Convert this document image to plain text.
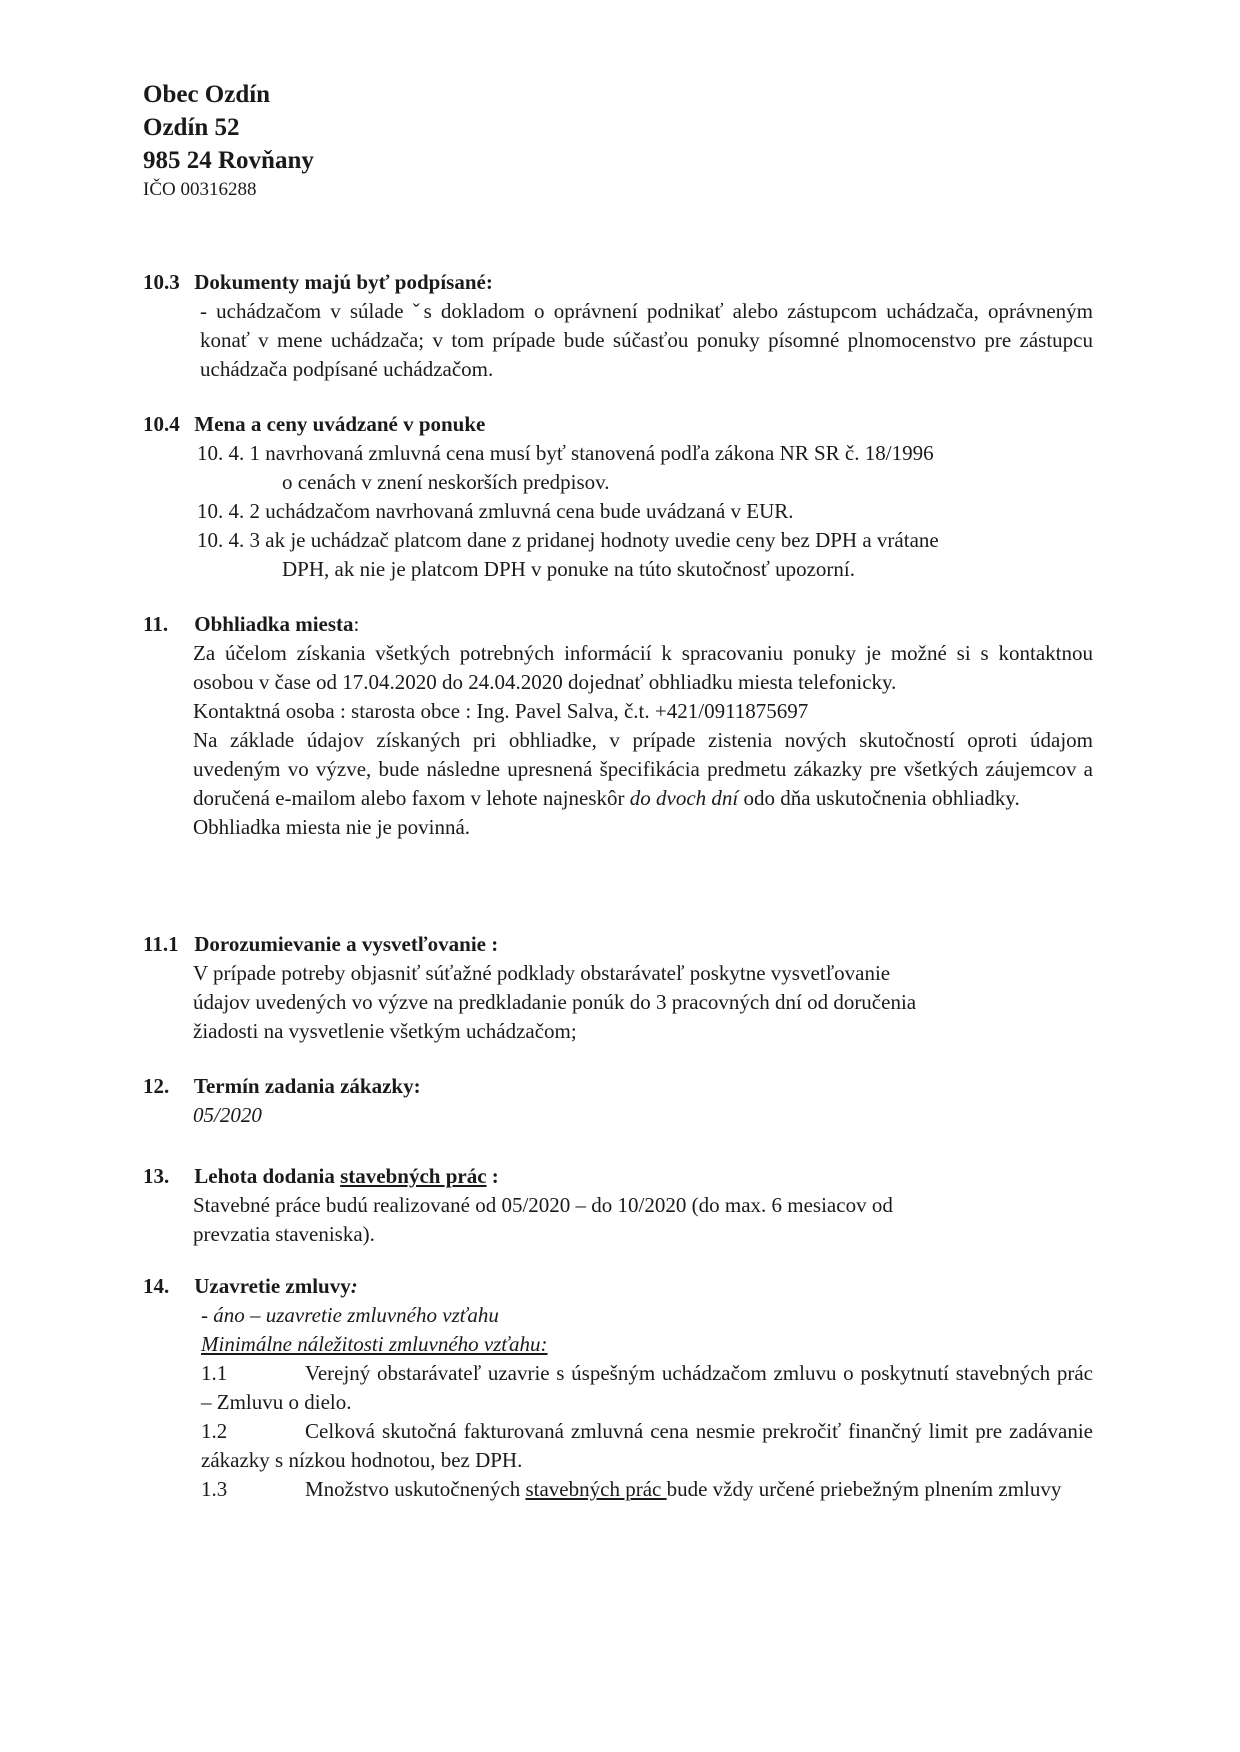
Obec Ozdín
Ozdín 52
985 24 Rovňany
IČO 00316288
10.3 Dokumenty majú byť podpísané:
- uchádzačom v súlade ˇs dokladom o oprávnení podnikať alebo zástupcom uchádzača, oprávneným konať v mene uchádzača; v tom prípade bude súčasťou ponuky písomné plnomocenstvo pre zástupcu uchádzača podpísané uchádzačom.
10.4 Mena a ceny uvádzané v ponuke
10. 4. 1 navrhovaná zmluvná cena musí byť stanovená podľa zákona NR SR č. 18/1996
o cenách v znení neskorších predpisov.
10. 4. 2 uchádzačom navrhovaná zmluvná cena bude uvádzaná v EUR.
10. 4. 3 ak je uchádzač platcom dane z pridanej hodnoty uvedie ceny bez DPH a vrátane
DPH, ak nie je platcom DPH v ponuke na túto skutočnosť upozorní.
11. Obhliadka miesta:
Za účelom získania všetkých potrebných informácií k spracovaniu ponuky je možné si s kontaktnou osobou v čase od 17.04.2020 do 24.04.2020 dojednať obhliadku miesta telefonicky.
Kontaktná osoba : starosta obce : Ing. Pavel Salva, č.t. +421/0911875697
Na základe údajov získaných pri obhliadke, v prípade zistenia nových skutočností oproti údajom uvedeným vo výzve, bude následne upresnená špecifikácia predmetu zákazky pre všetkých záujemcov a doručená e-mailom alebo faxom v lehote najneskôr do dvoch dní odo dňa uskutočnenia obhliadky.
Obhliadka miesta nie je povinná.
11.1 Dorozumievanie a vysvetľovanie :
V prípade potreby objasniť súťažné podklady obstarávateľ poskytne vysvetľovanie
údajov uvedených vo výzve na predkladanie ponúk do 3 pracovných dní od doručenia
žiadosti na vysvetlenie všetkým uchádzačom;
12. Termín zadania zákazky:
05/2020
13. Lehota dodania stavebných prác :
Stavebné práce budú realizované od 05/2020 – do 10/2020 (do max. 6 mesiacov od
prevzatia staveniska).
14. Uzavretie zmluvy:
- áno – uzavretie zmluvného vzťahu
Minimálne náležitosti zmluvného vzťahu:
1.1	Verejný obstarávateľ uzavrie s úspešným uchádzačom zmluvu o poskytnutí stavebných prác – Zmluvu o dielo.
1.2	Celková skutočná fakturovaná zmluvná cena nesmie prekročiť finančný limit pre zadávanie zákazky s nízkou hodnotou, bez DPH.
1.3	Množstvo uskutočnených stavebných prác bude vždy určené priebežným plnením zmluvy
